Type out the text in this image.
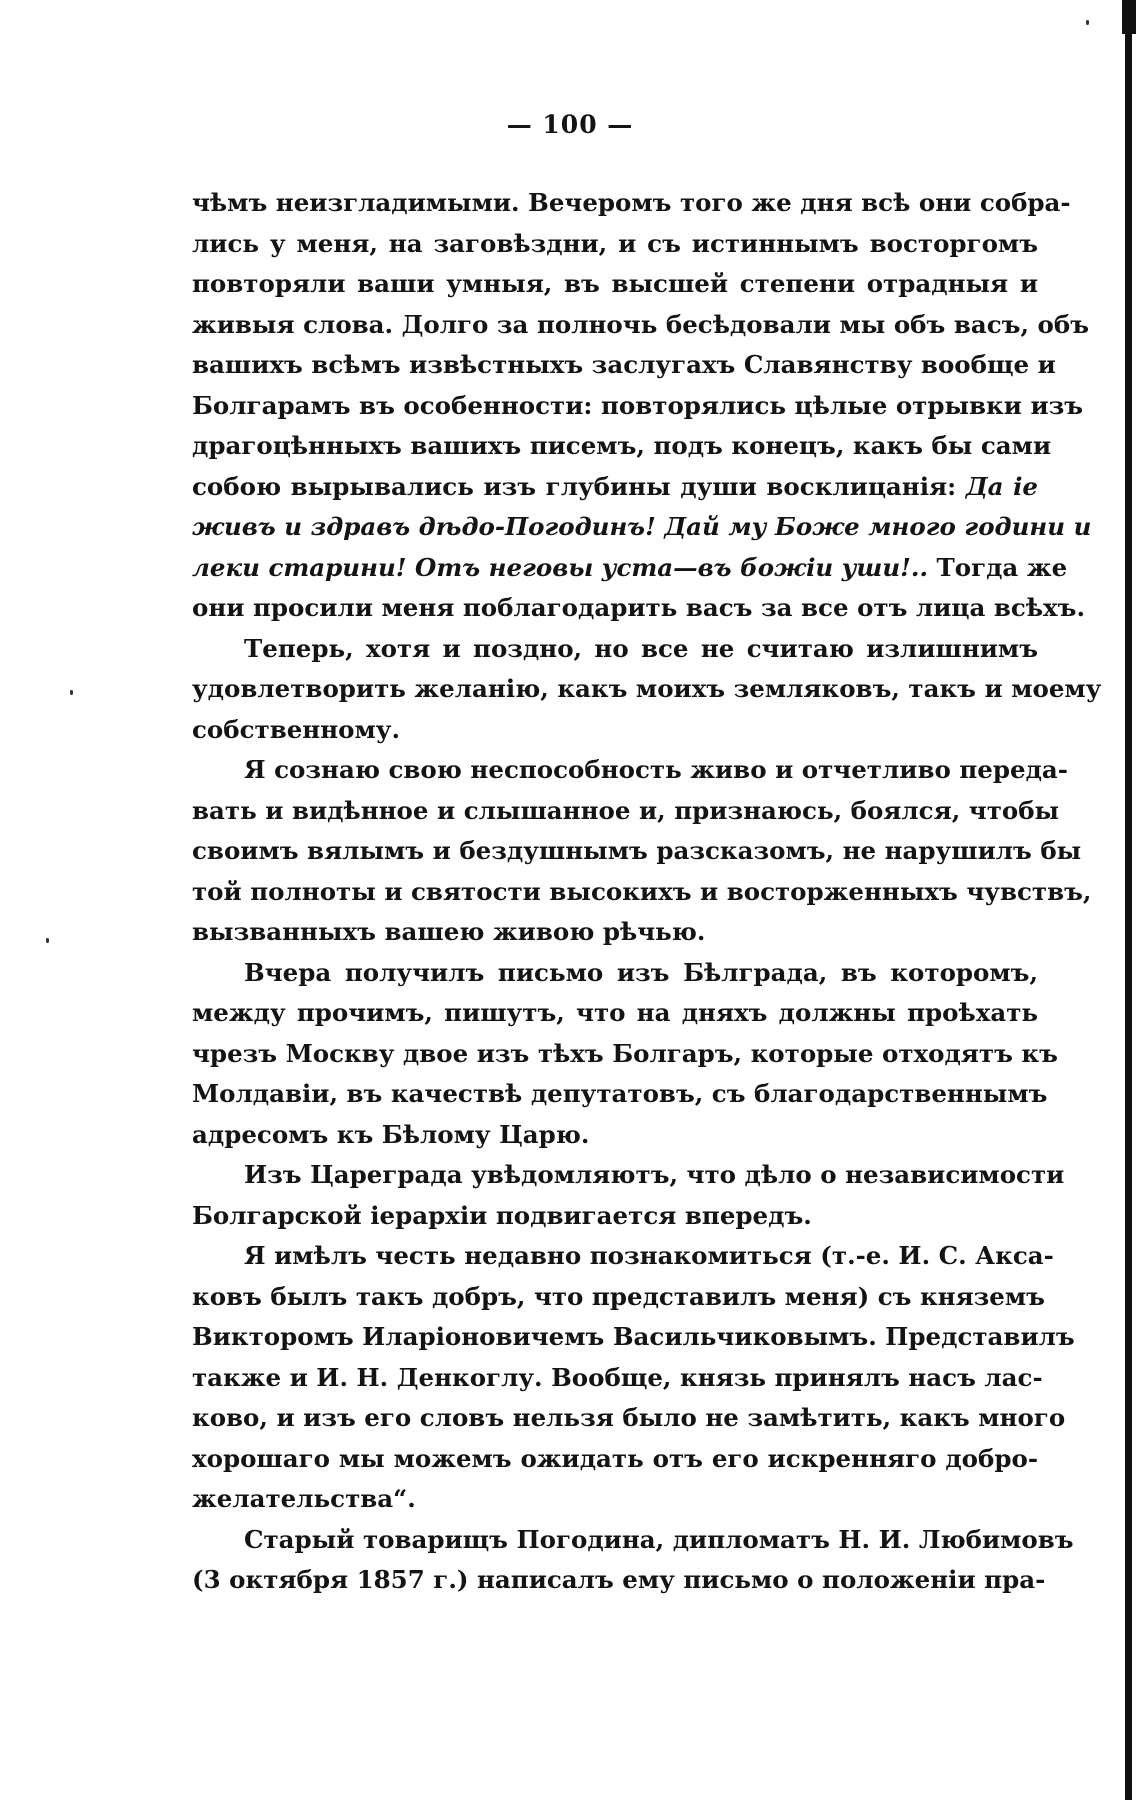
— 100 —
чѣмъ неизгладимыми. Вечеромъ того же дня всѣ они собра-
лись у меня, на заговѣздни, и съ истиннымъ восторгомъ
повторяли ваши умныя, въ высшей степени отрадныя и
живыя слова. Долго за полночь бесѣдовали мы объ васъ, объ
вашихъ всѣмъ извѣстныхъ заслугахъ Славянству вообще и
Болгарамъ въ особенности: повторялись цѣлые отрывки изъ
драгоцѣнныхъ вашихъ писемъ, подъ конецъ, какъ бы сами
собою вырывались изъ глубины души восклицанія: Да іе
живъ и здравъ дѣдо-Погодинъ! Дай му Боже много години и
леки старини! Отъ неговы уста—въ божіи уши!.. Тогда же
они просили меня поблагодарить васъ за все отъ лица всѣхъ.
Теперь, хотя и поздно, но все не считаю излишнимъ
удовлетворить желанію, какъ моихъ земляковъ, такъ и моему
собственному.
Я сознаю свою неспособность живо и отчетливо переда-
вать и видѣнное и слышанное и, признаюсь, боялся, чтобы
своимъ вялымъ и бездушнымъ разсказомъ, не нарушилъ бы
той полноты и святости высокихъ и восторженныхъ чувствъ,
вызванныхъ вашею живою рѣчью.
Вчера получилъ письмо изъ Бѣлграда, въ которомъ,
между прочимъ, пишутъ, что на дняхъ должны проѣхать
чрезъ Москву двое изъ тѣхъ Болгаръ, которые отходятъ къ
Молдавіи, въ качествѣ депутатовъ, съ благодарственнымъ
адресомъ къ Бѣлому Царю.
Изъ Цареграда увѣдомляютъ, что дѣло о независимости
Болгарской іерархіи подвигается впередъ.
Я имѣлъ честь недавно познакомиться (т.-е. И. С. Акса-
ковъ былъ такъ добръ, что представилъ меня) съ княземъ
Викторомъ Иларіоновичемъ Васильчиковымъ. Представилъ
также и И. Н. Денкоглу. Вообще, князь принялъ насъ лас-
ково, и изъ его словъ нельзя было не замѣтить, какъ много
хорошаго мы можемъ ожидать отъ его искренняго добро-
желательства“.
Старый товарищъ Погодина, дипломатъ Н. И. Любимовъ
(3 октября 1857 г.) написалъ ему письмо о положеніи пра-
